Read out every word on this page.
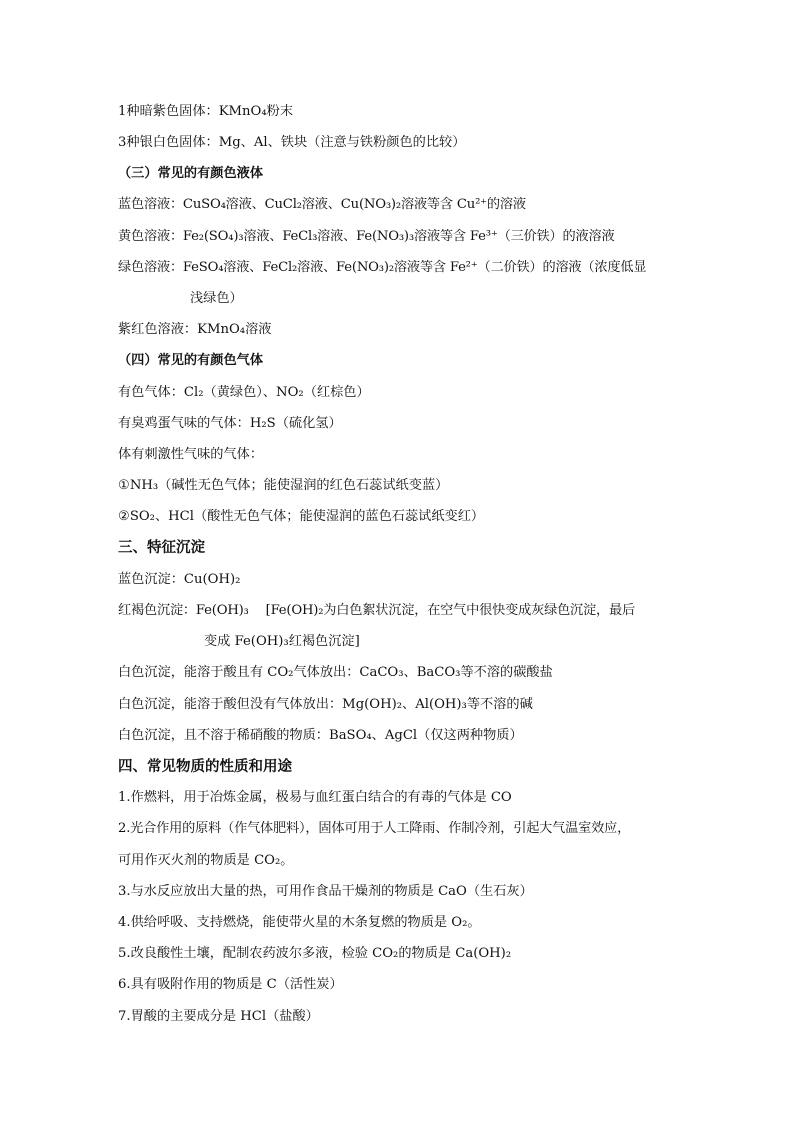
1种暗紫色固体：KMnO₄粉末
3种银白色固体：Mg、Al、铁块（注意与铁粉颜色的比较）
（三）常见的有颜色液体
蓝色溶液：CuSO₄溶液、CuCl₂溶液、Cu(NO₃)₂溶液等含 Cu²⁺的溶液
黄色溶液：Fe₂(SO₄)₃溶液、FeCl₃溶液、Fe(NO₃)₃溶液等含 Fe³⁺（三价铁）的液溶液
绿色溶液：FeSO₄溶液、FeCl₂溶液、Fe(NO₃)₂溶液等含 Fe²⁺（二价铁）的溶液（浓度低显
浅绿色）
紫红色溶液：KMnO₄溶液
（四）常见的有颜色气体
有色气体：Cl₂（黄绿色）、NO₂（红棕色）
有臭鸡蛋气味的气体：H₂S（硫化氢）
体有刺激性气味的气体：
①NH₃（碱性无色气体；能使湿润的红色石蕊试纸变蓝）
②SO₂、HCl（酸性无色气体；能使湿润的蓝色石蕊试纸变红）
三、特征沉淀
蓝色沉淀：Cu(OH)₂
红褐色沉淀：Fe(OH)₃　 [Fe(OH)₂为白色絮状沉淀，在空气中很快变成灰绿色沉淀，最后
变成 Fe(OH)₃红褐色沉淀]
白色沉淀，能溶于酸且有 CO₂气体放出：CaCO₃、BaCO₃等不溶的碳酸盐
白色沉淀，能溶于酸但没有气体放出：Mg(OH)₂、Al(OH)₃等不溶的碱
白色沉淀，且不溶于稀硝酸的物质：BaSO₄、AgCl（仅这两种物质）
四、常见物质的性质和用途
1.作燃料，用于冶炼金属，极易与血红蛋白结合的有毒的气体是 CO
2.光合作用的原料（作气体肥料），固体可用于人工降雨、作制冷剂，引起大气温室效应，
可用作灭火剂的物质是 CO₂。
3.与水反应放出大量的热，可用作食品干燥剂的物质是 CaO（生石灰）
4.供给呼吸、支持燃烧，能使带火星的木条复燃的物质是 O₂。
5.改良酸性土壤，配制农药波尔多液，检验 CO₂的物质是 Ca(OH)₂
6.具有吸附作用的物质是 C（活性炭）
7.胃酸的主要成分是 HCl（盐酸）
